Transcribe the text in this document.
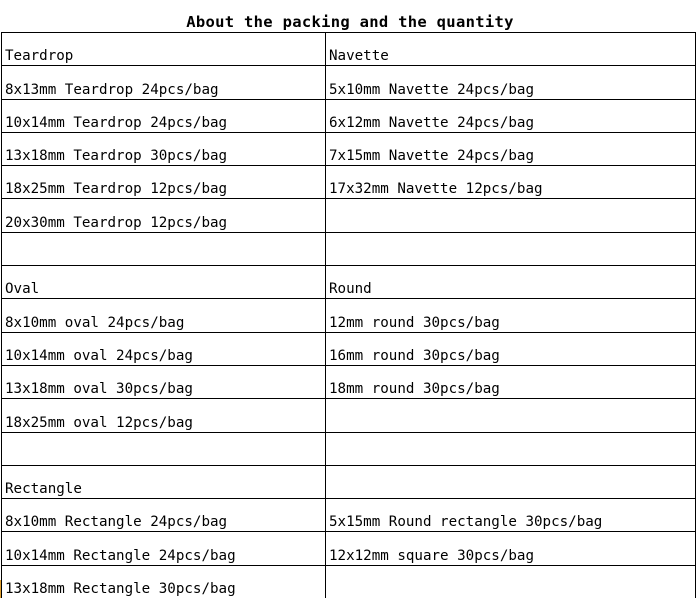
About the packing and the quantity
Teardrop	Navette
8x13mm Teardrop 24pcs/bag	5x10mm Navette 24pcs/bag
10x14mm Teardrop 24pcs/bag	6x12mm Navette 24pcs/bag
13x18mm Teardrop 30pcs/bag	7x15mm Navette 24pcs/bag
18x25mm Teardrop 12pcs/bag	17x32mm Navette 12pcs/bag
20x30mm Teardrop 12pcs/bag	

Oval	Round
8x10mm oval 24pcs/bag	12mm round 30pcs/bag
10x14mm oval 24pcs/bag	16mm round 30pcs/bag
13x18mm oval 30pcs/bag	18mm round 30pcs/bag
18x25mm oval 12pcs/bag	

Rectangle	
8x10mm Rectangle 24pcs/bag	5x15mm Round rectangle 30pcs/bag
10x14mm Rectangle 24pcs/bag	12x12mm square 30pcs/bag
13x18mm Rectangle 30pcs/bag	
